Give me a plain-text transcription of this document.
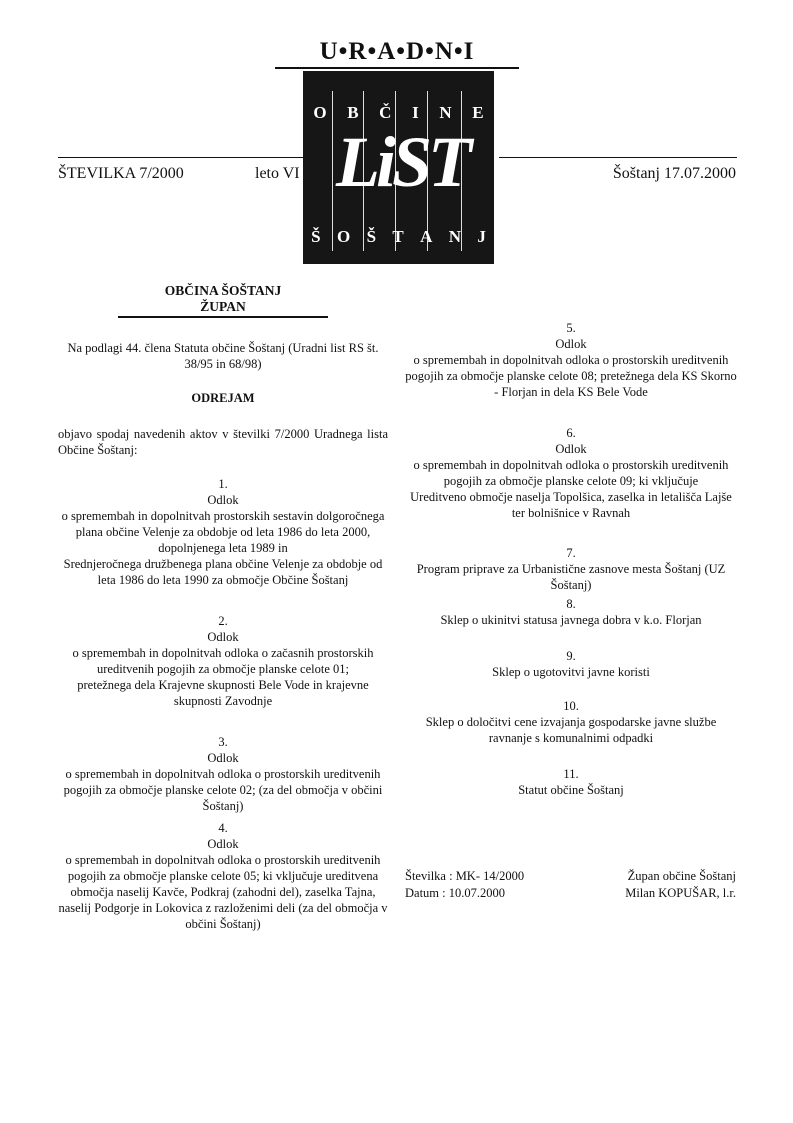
U•R•A•D•N•I
O B Č I N E
LiST
Š O Š T A N J
ŠTEVILKA 7/2000	leto VI	Šoštanj 17.07.2000
OBČINA ŠOŠTANJ
ŽUPAN
Na podlagi 44. člena Statuta občine Šoštanj (Uradni list RS št. 38/95 in 68/98)
ODREJAM
objavo spodaj navedenih aktov v številki 7/2000 Uradnega lista Občine Šoštanj:
1.
Odlok
o spremembah in dopolnitvah prostorskih sestavin dolgoročnega plana občine Velenje za obdobje od leta 1986 do leta 2000, dopolnjenega leta 1989 in
Srednjeročnega družbenega plana občine Velenje za obdobje od leta 1986 do leta 1990 za območje Občine Šoštanj
2.
Odlok
o spremembah in dopolnitvah odloka o začasnih prostorskih ureditvenih pogojih za območje planske celote 01;
pretežnega dela Krajevne skupnosti Bele Vode in krajevne skupnosti Zavodnje
3.
Odlok
o spremembah in dopolnitvah odloka o prostorskih ureditvenih pogojih za območje planske celote 02; (za del območja v občini Šoštanj)
4.
Odlok
o spremembah in dopolnitvah odloka o prostorskih ureditvenih pogojih za območje planske celote 05; ki vključuje ureditvena območja naselij Kavče, Podkraj (zahodni del), zaselka Tajna, naselij Podgorje in Lokovica z razloženimi deli (za del območja v občini Šoštanj)
5.
Odlok
o spremembah in dopolnitvah odloka o prostorskih ureditvenih pogojih za območje planske celote 08; pretežnega dela KS Skorno - Florjan in dela KS Bele Vode
6.
Odlok
o spremembah in dopolnitvah odloka o prostorskih ureditvenih pogojih za območje planske celote 09; ki vključuje
Ureditveno območje naselja Topolšica, zaselka in letališča Lajše ter bolnišnice v Ravnah
7.
Program priprave za Urbanistične zasnove mesta Šoštanj (UZ Šoštanj)
8.
Sklep o ukinitvi statusa javnega dobra v k.o. Florjan
9.
Sklep o ugotovitvi javne koristi
10.
Sklep o določitvi cene izvajanja gospodarske javne službe ravnanje s komunalnimi odpadki
11.
Statut občine Šoštanj
Številka : MK- 14/2000
Datum : 10.07.2000
Župan občine Šoštanj
Milan KOPUŠAR, l.r.
